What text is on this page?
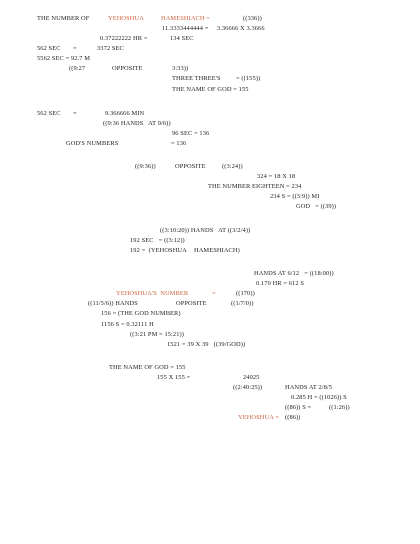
THE NUMBER OF	YEHOSHUA	HAMESHIACH =	((336))
11.3333444444 =     3.36666 X 3.3666
0.37222222 HR =	134 SEC
562 SEC =	3372 SEC
5562 SEC = 92.7 M
((9:27	OPPOSITE	3:33))
THREE THREE'S = ((155))
THE NAME OF GOD = 155
562 SEC =	9.366666 MIN
((9:36 HANDS   AT 9/6))
96 SEC = 136
GOD'S NUMBERS	= 136
((9:36))	OPPOSITE	((3:24))
324 = 18 X 18
THE NUMBER EIGHTEEN = 234
234 S = ((3:9)) MI
GOD   = ((39))
((3:10:20)) HANDS   AT ((3/2/4))
192 SEC   = ((3:12))
192 =  (YEHOSHUA HAMESHIACH)
HANDS AT 6/12   = ((18:00))
0.170 HR = 612 S
YEHOSHUA'S  NUMBER	=	((170))
((11/5/6)) HANDS	OPPOSITE	((1/7/0))
156 = (THE GOD NUMBER)
1156 S = 0.32111 H
((3:21 PM = 15:21))
1521 = 39 X 39   ((39/GOD))
THE NAME OF GOD = 155
155 X 155 =	24025
((2:40:25))	HANDS AT 2/8/5
0.285 H = ((1026)) S
((86)) S =	((1:26))
YEHOSHUA = ((86))
